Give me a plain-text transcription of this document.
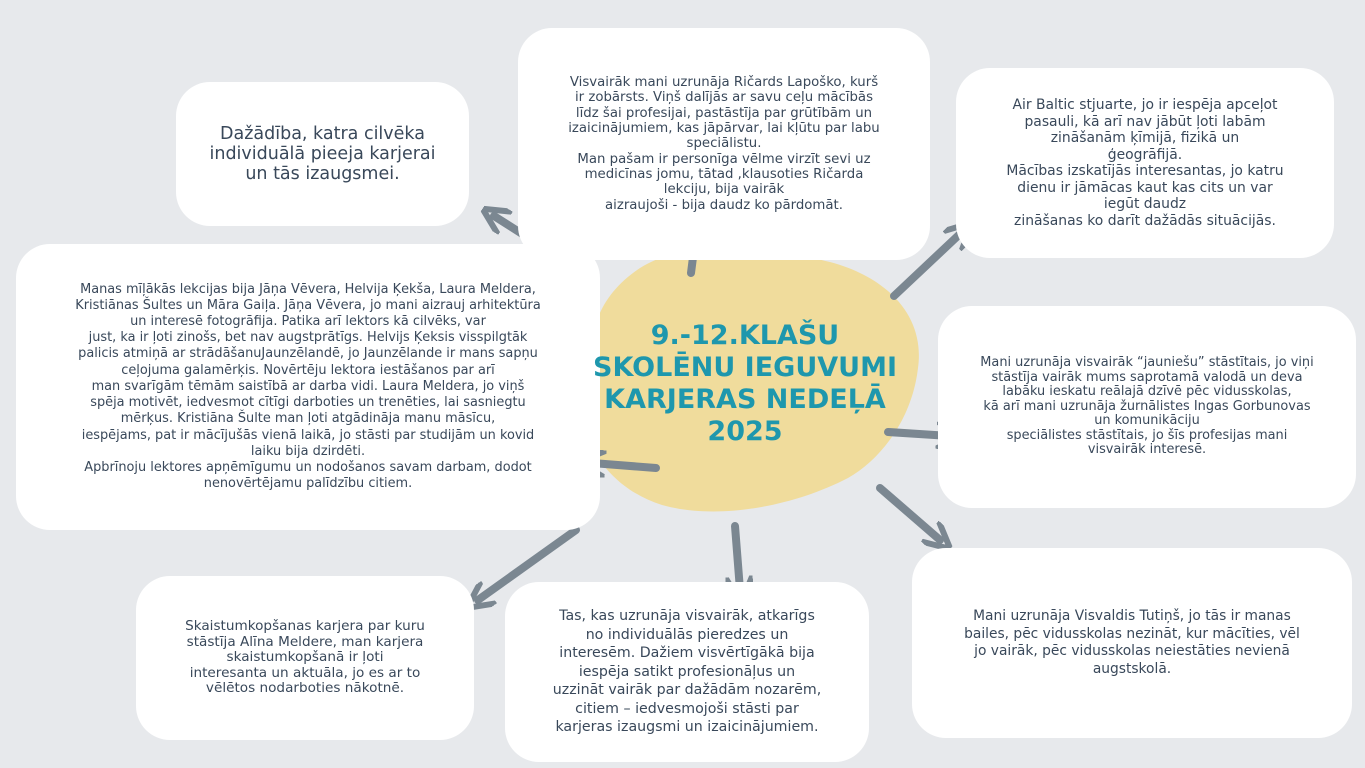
Dažādība, katra cilvēka
individuālā pieeja karjerai
un tās izaugsmei.
Visvairāk mani uzrunāja Ričards Lapoško, kurš
ir zobārsts. Viņš dalījās ar savu ceļu mācībās
līdz šai profesijai, pastāstīja par grūtībām un
izaicinājumiem, kas jāpārvar, lai kļūtu par labu
speciālistu.
Man pašam ir personīga vēlme virzīt sevi uz
medicīnas jomu, tātad ,klausoties Ričarda
lekciju, bija vairāk
aizraujoši - bija daudz ko pārdomāt.
Air Baltic stjuarte, jo ir iespēja apceļot
pasauli, kā arī nav jābūt ļoti labām
zināšanām ķīmijā, fizikā un
ģeogrāfijā.
Mācības izskatījās interesantas, jo katru
dienu ir jāmācas kaut kas cits un var
iegūt daudz
zināšanas ko darīt dažādās situācijās.
Manas mīļākās lekcijas bija Jāņa Vēvera, Helvija Ķekša, Laura Meldera,
Kristiānas Šultes un Māra Gaiļa. Jāņa Vēvera, jo mani aizrauj arhitektūra
un interesē fotogrāfija. Patika arī lektors kā cilvēks, var
just, ka ir ļoti zinošs, bet nav augstprātīgs. Helvijs Ķeksis visspilgtāk
palicis atmiņā ar strādāšanuJaunzēlandē, jo Jaunzēlande ir mans sapņu
ceļojuma galamērķis. Novērtēju lektora iestāšanos par arī
man svarīgām tēmām saistībā ar darba vidi. Laura Meldera, jo viņš
spēja motivēt, iedvesmot cītīgi darboties un trenēties, lai sasniegtu
mērķus. Kristiāna Šulte man ļoti atgādināja manu māsīcu,
iespējams, pat ir mācījušās vienā laikā, jo stāsti par studijām un kovid
laiku bija dzirdēti.
Apbrīnoju lektores apņēmīgumu un nodošanos savam darbam, dodot
nenovērtējamu palīdzību citiem.
Mani uzrunāja visvairāk “jauniešu” stāstītais, jo viņi
stāstīja vairāk mums saprotamā valodā un deva
labāku ieskatu reālajā dzīvē pēc vidusskolas,
kā arī mani uzrunāja žurnālistes Ingas Gorbunovas
un komunikāciju
speciālistes stāstītais, jo šīs profesijas mani
visvairāk interesē.
Skaistumkopšanas karjera par kuru
stāstīja Alīna Meldere, man karjera
skaistumkopšanā ir ļoti
interesanta un aktuāla, jo es ar to
vēlētos nodarboties nākotnē.
Tas, kas uzrunāja visvairāk, atkarīgs
no individuālās pieredzes un
interesēm. Dažiem visvērtīgākā bija
iespēja satikt profesionāļus un
uzzināt vairāk par dažādām nozarēm,
citiem – iedvesmojoši stāsti par
karjeras izaugsmi un izaicinājumiem.
Mani uzrunāja Visvaldis Tutiņš, jo tās ir manas
bailes, pēc vidusskolas nezināt, kur mācīties, vēl
jo vairāk, pēc vidusskolas neiestāties nevienā
augstskolā.
9.-12.KLAŠU
SKOLĒNU IEGUVUMI
KARJERAS NEDEĻĀ
2025
